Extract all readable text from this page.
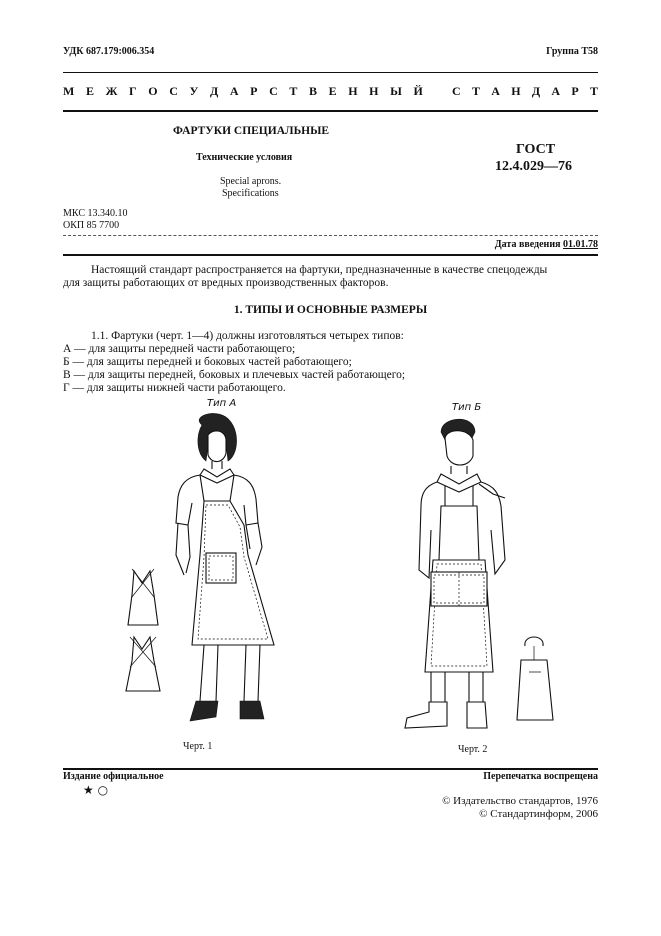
УДК 687.179:006.354	Группа Т58
М Е Ж Г О С У Д А Р С Т В Е Н Н Ы Й С Т А Н Д А Р Т
ФАРТУКИ СПЕЦИАЛЬНЫЕ
Технические условия
Special aprons.
Specifications
ГОСТ
12.4.029—76
МКС 13.340.10
ОКП 85 7700
Дата введения 01.01.78
Настоящий стандарт распространяется на фартуки, предназначенные в качестве спецодежды
для защиты работающих от вредных производственных факторов.
1. ТИПЫ И ОСНОВНЫЕ РАЗМЕРЫ
1.1. Фартуки (черт. 1—4) должны изготовляться четырех типов:
А — для защиты передней части работающего;
Б — для защиты передней и боковых частей работающего;
В — для защиты передней, боковых и плечевых частей работающего;
Г — для защиты нижней части работающего.
Тип А	Тип Б
Черт. 1	Черт. 2
Издание официальное	Перепечатка воспрещена
★ ○
© Издательство стандартов, 1976
© Стандартинформ, 2006
